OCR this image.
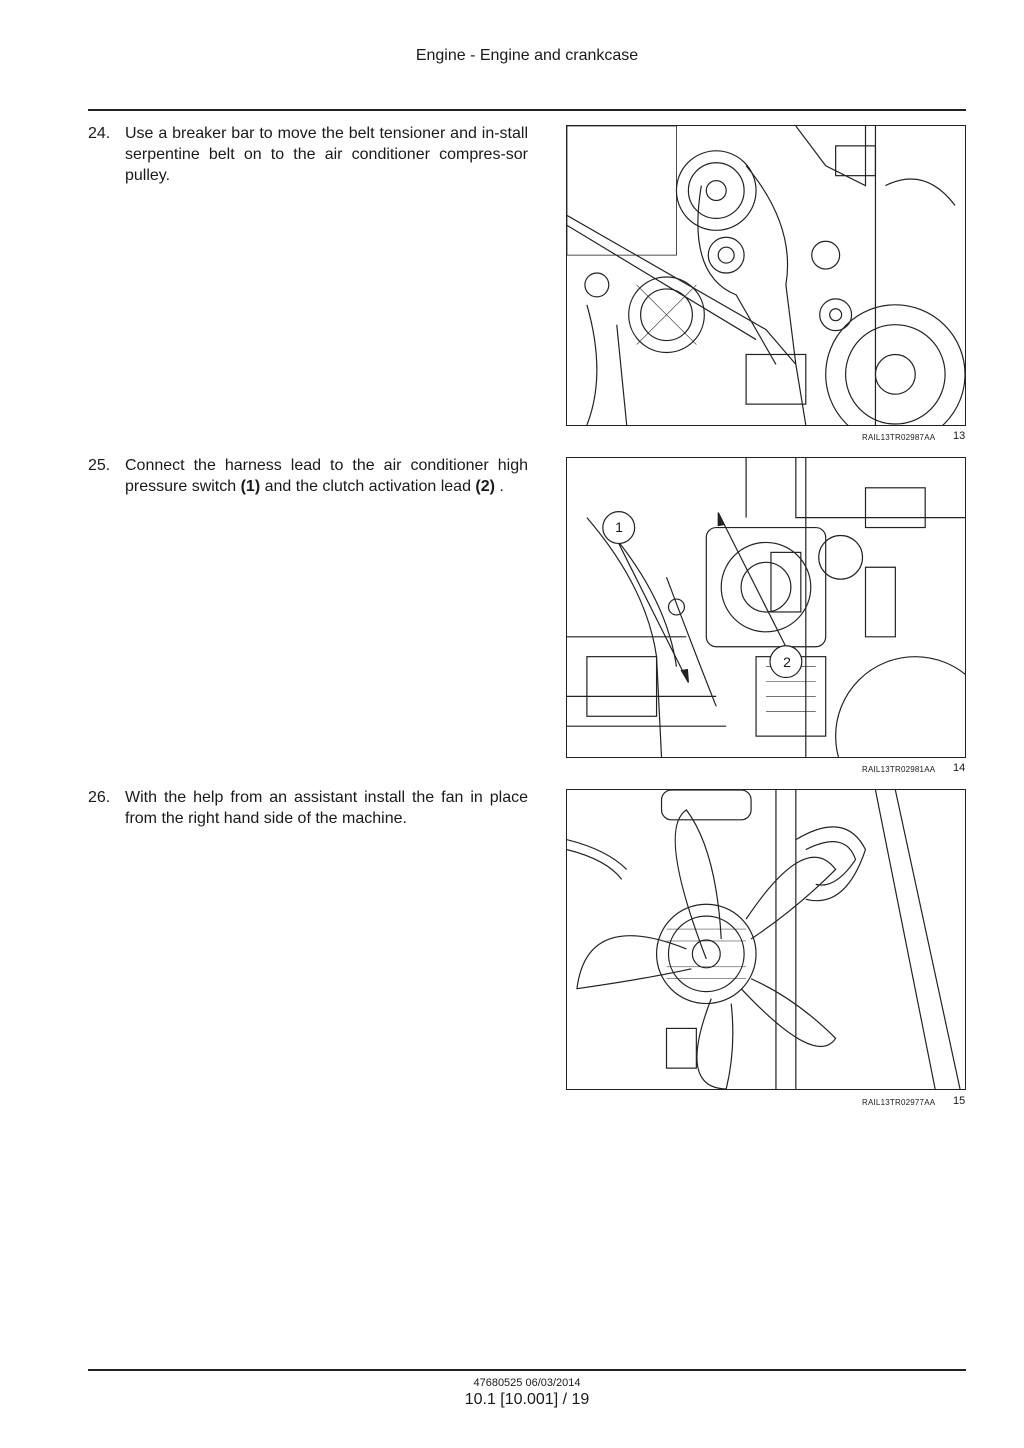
Engine - Engine and crankcase
24. Use a breaker bar to move the belt tensioner and in-stall serpentine belt on to the air conditioner compres-sor pulley.
RAIL13TR02987AA 13
25. Connect the harness lead to the air conditioner high pressure switch (1) and the clutch activation lead (2) .
1
2
RAIL13TR02981AA 14
26. With the help from an assistant install the fan in place from the right hand side of the machine.
RAIL13TR02977AA 15
47680525 06/03/2014
10.1 [10.001] / 19
